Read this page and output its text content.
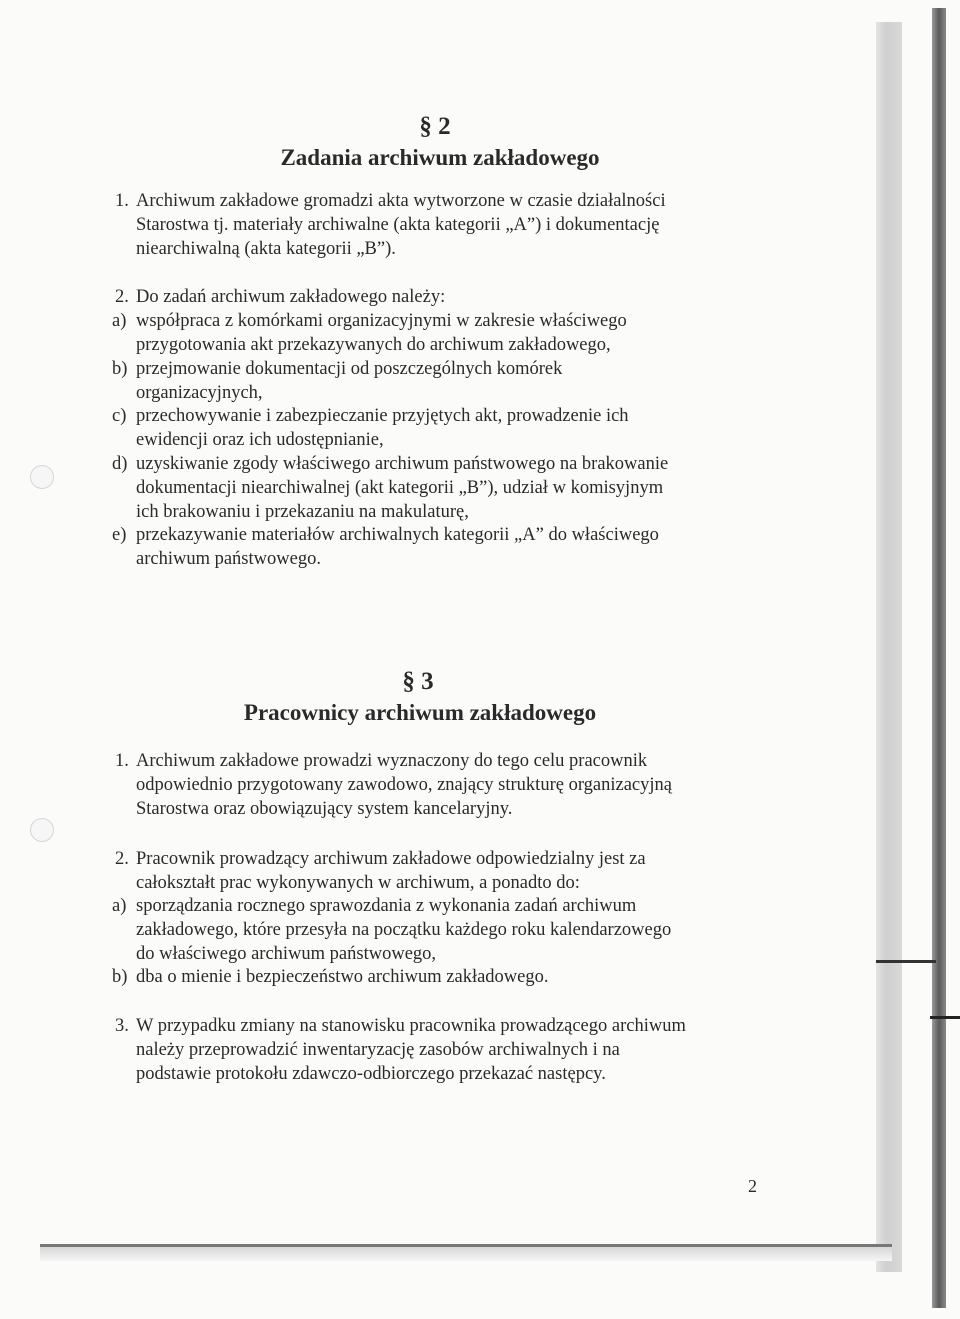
§ 2
Zadania archiwum zakładowego
1. Archiwum zakładowe gromadzi akta wytworzone w czasie działalności
Starostwa tj. materiały archiwalne (akta kategorii „A”) i dokumentację
niearchiwalną (akta kategorii „B”).
2. Do zadań archiwum zakładowego należy:
a) współpraca z komórkami organizacyjnymi w zakresie właściwego
przygotowania akt przekazywanych do archiwum zakładowego,
b) przejmowanie dokumentacji od poszczególnych komórek
organizacyjnych,
c) przechowywanie i zabezpieczanie przyjętych akt, prowadzenie ich
ewidencji oraz ich udostępnianie,
d) uzyskiwanie zgody właściwego archiwum państwowego na brakowanie
dokumentacji niearchiwalnej (akt kategorii „B”), udział w komisyjnym
ich brakowaniu i przekazaniu na makulaturę,
e) przekazywanie materiałów archiwalnych kategorii „A” do właściwego
archiwum państwowego.
§ 3
Pracownicy archiwum zakładowego
1. Archiwum zakładowe prowadzi wyznaczony do tego celu pracownik
odpowiednio przygotowany zawodowo, znający strukturę organizacyjną
Starostwa oraz obowiązujący system kancelaryjny.
2. Pracownik prowadzący archiwum zakładowe odpowiedzialny jest za
całokształt prac wykonywanych w archiwum, a ponadto do:
a) sporządzania rocznego sprawozdania z wykonania zadań archiwum
zakładowego, które przesyła na początku każdego roku kalendarzowego
do właściwego archiwum państwowego,
b) dba o mienie i bezpieczeństwo archiwum zakładowego.
3. W przypadku zmiany na stanowisku pracownika prowadzącego archiwum
należy przeprowadzić inwentaryzację zasobów archiwalnych i na
podstawie protokołu zdawczo-odbiorczego przekazać następcy.
2
